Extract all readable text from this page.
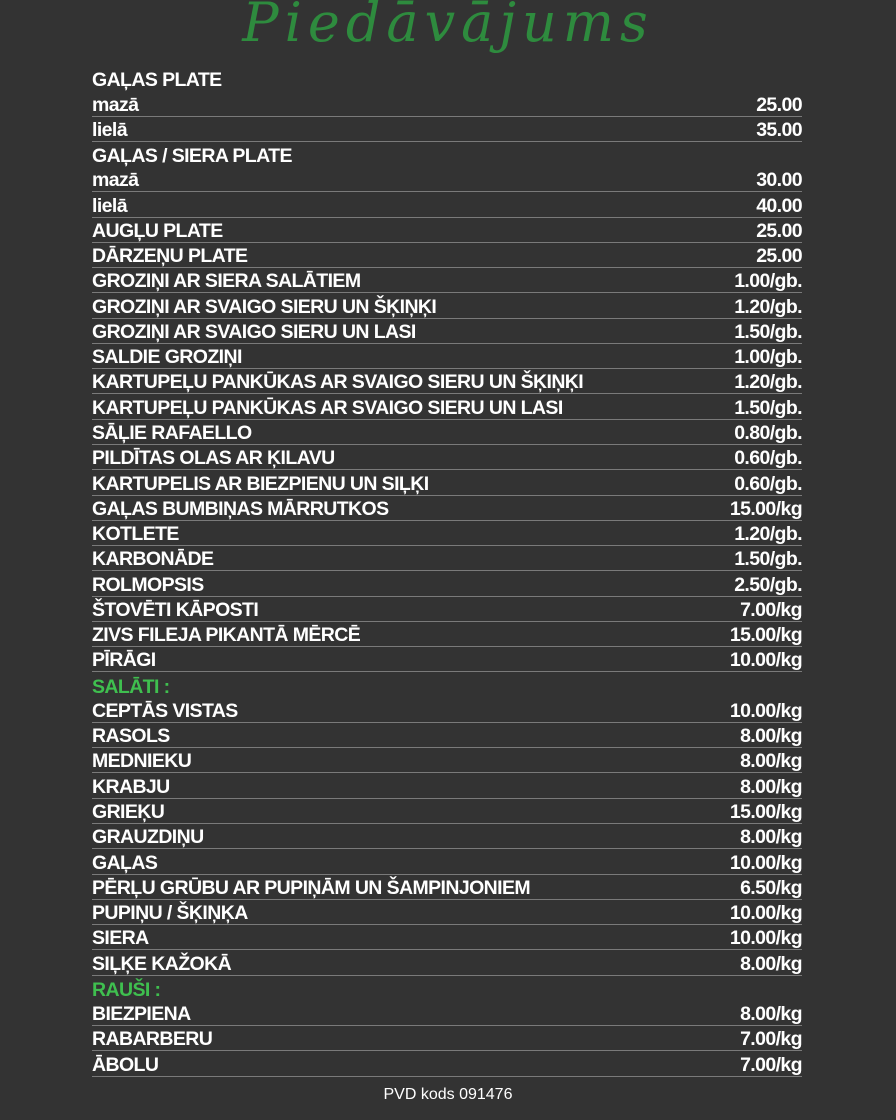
Piedāvājums
GAĻAS PLATE
mazā	25.00
lielā	35.00
GAĻAS / SIERA PLATE
mazā	30.00
lielā	40.00
AUGĻU PLATE	25.00
DĀRZEŅU PLATE	25.00
GROZIŅI AR SIERA SALĀTIEM	1.00/gb.
GROZIŅI AR SVAIGO SIERU UN ŠĶIŅĶI	1.20/gb.
GROZIŅI AR SVAIGO SIERU UN LASI	1.50/gb.
SALDIE GROZIŅI	1.00/gb.
KARTUPEĻU PANKŪKAS AR SVAIGO SIERU UN ŠĶIŅĶI	1.20/gb.
KARTUPEĻU PANKŪKAS AR SVAIGO SIERU UN LASI	1.50/gb.
SĀĻIE RAFAELLO	0.80/gb.
PILDĪTAS OLAS AR ĶILAVU	0.60/gb.
KARTUPELIS AR BIEZPIENU UN SIĻĶI	0.60/gb.
GAĻAS BUMBIŅAS MĀRRUTKOS	15.00/kg
KOTLETE	1.20/gb.
KARBONĀDE	1.50/gb.
ROLMOPSIS	2.50/gb.
ŠTOVĒTI KĀPOSTI	7.00/kg
ZIVS FILEJA PIKANTĀ MĒRCĒ	15.00/kg
PĪRĀGI	10.00/kg
SALĀTI :
CEPTĀS VISTAS	10.00/kg
RASOLS	8.00/kg
MEDNIEKU	8.00/kg
KRABJU	8.00/kg
GRIEĶU	15.00/kg
GRAUZDIŅU	8.00/kg
GAĻAS	10.00/kg
PĒRĻU GRŪBU AR PUPIŅĀM UN ŠAMPINJONIEM	6.50/kg
PUPIŅU / ŠĶIŅĶA	10.00/kg
SIERA	10.00/kg
SIĻĶE KAŽOKĀ	8.00/kg
RAUŠI :
BIEZPIENA	8.00/kg
RABARBERU	7.00/kg
ĀBOLU	7.00/kg
PVD kods 091476
